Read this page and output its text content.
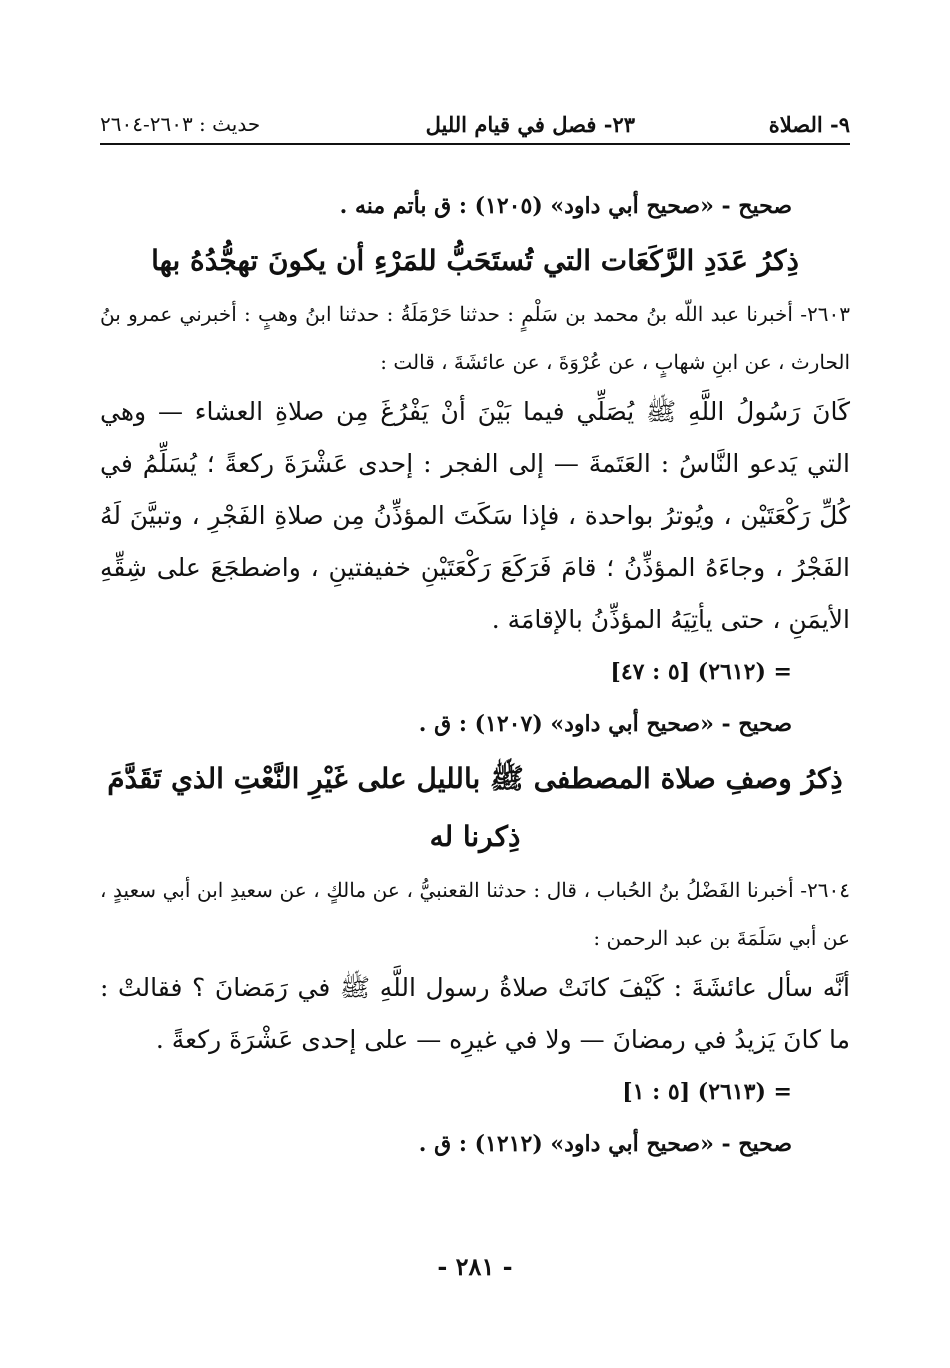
٩- الصلاة
٢٣- فصل في قيام الليل
حديث : ٢٦٠٣-٢٦٠٤
صحيح - «صحيح أبي داود» (١٢٠٥) : ق بأتم منه .
ذِكرُ عَدَدِ الرَّكَعَات التي تُستَحَبُّ للمَرْءِ أن يكونَ تهجُّدُهُ بها
٢٦٠٣- أخبرنا عبد اللّه بنُ محمد بن سَلْمٍ : حدثنا حَرْمَلَةُ : حدثنا ابنُ وهبٍ : أخبرني عمرو بنُ الحارث ، عن ابنِ شهابٍ ، عن عُرْوَةَ ، عن عائشَةَ ، قالت :
كَانَ رَسُولُ اللَّهِ ﷺ يُصَلِّي فيما بَيْنَ أنْ يَفْرُغَ مِن صلاةِ العشاء — وهي التي يَدعو النَّاسُ : العَتَمةَ — إلى الفجر : إحدى عَشْرَةَ ركعةً ؛ يُسَلِّمُ في كُلِّ رَكْعَتَيْن ، ويُوترُ بواحدة ، فإذا سَكَتَ المؤذِّنُ مِن صلاةِ الفَجْرِ ، وتبيَّنَ لَهُ الفَجْرُ ، وجاءَهُ المؤذِّنُ ؛ قامَ فَرَكَعَ رَكْعَتَيْنِ خفيفتينِ ، واضطجَعَ على شِقِّهِ الأيمَنِ ، حتى يأتِيَهُ المؤذِّنُ بالإقامَة .
= (٢٦١٢) [٥ : ٤٧]
صحيح - «صحيح أبي داود» (١٢٠٧) : ق .
ذِكرُ وصفِ صلاة المصطفى ﷺ بالليل على غَيْرِ النَّعْتِ الذي تَقَدَّمَ ذِكرنا له
٢٦٠٤- أخبرنا الفَضْلُ بنُ الحُباب ، قال : حدثنا القعنبيُّ ، عن مالكٍ ، عن سعيدِ ابن أبي سعيدٍ ، عن أبي سَلَمَةَ بن عبد الرحمن :
أنَّه سأل عائشَةَ : كَيْفَ كانَتْ صلاةُ رسول اللَّهِ ﷺ في رَمَضانَ ؟ فقالتْ : ما كانَ يَزيدُ في رمضانَ — ولا في غيرِه — على إحدى عَشْرَةَ ركعةً .
= (٢٦١٣) [٥ : ١]
صحيح - «صحيح أبي داود» (١٢١٢) : ق .
- ٢٨١ -
